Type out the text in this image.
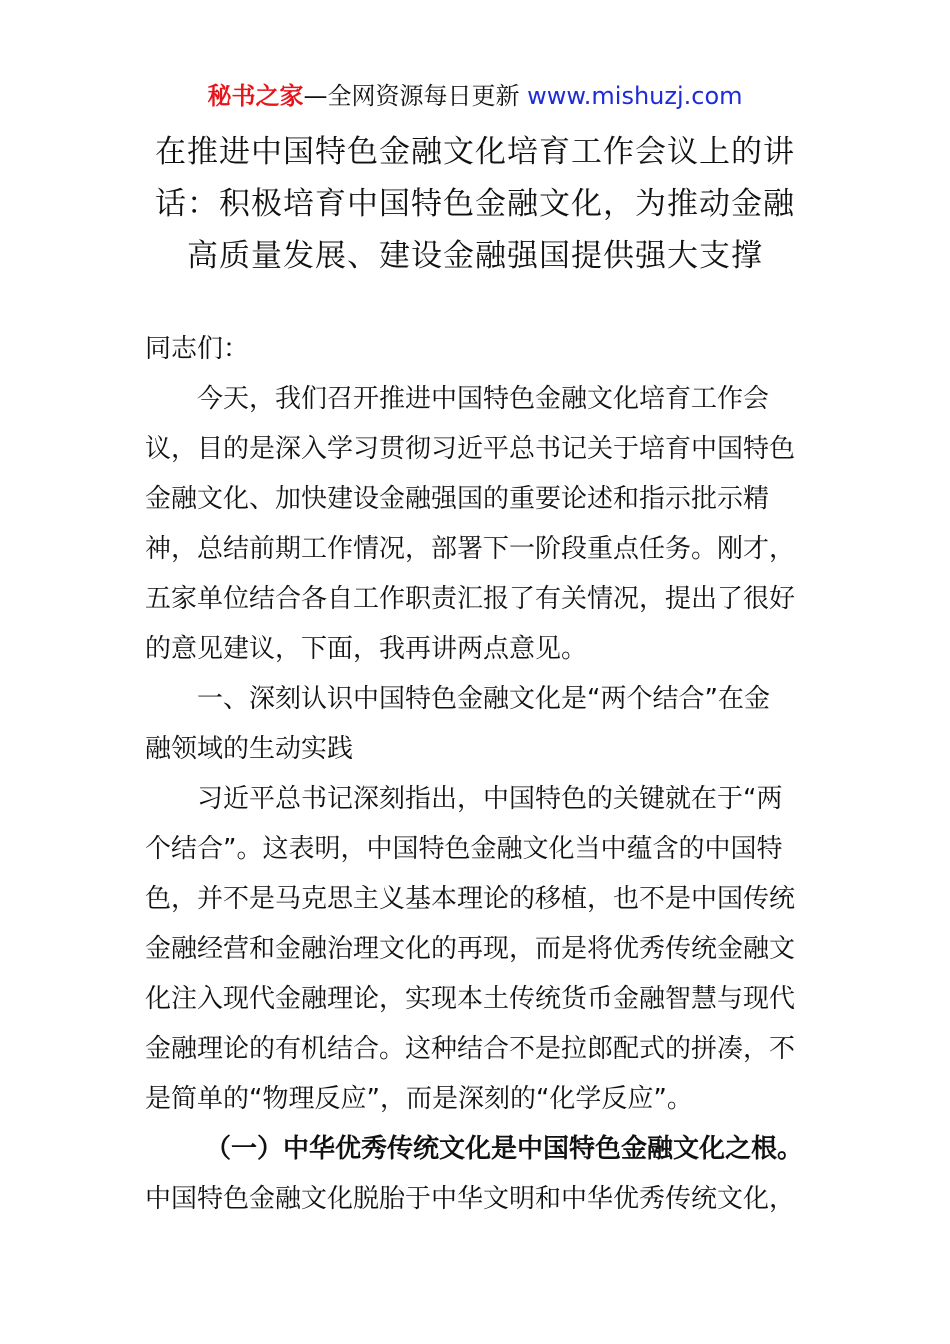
秘书之家—全网资源每日更新 www.mishuzj.com
在推进中国特色金融文化培育工作会议上的讲
话：积极培育中国特色金融文化，为推动金融
高质量发展、建设金融强国提供强大支撑
同志们：
今天，我们召开推进中国特色金融文化培育工作会
议，目的是深入学习贯彻习近平总书记关于培育中国特色
金融文化、加快建设金融强国的重要论述和指示批示精
神，总结前期工作情况，部署下一阶段重点任务。刚才，
五家单位结合各自工作职责汇报了有关情况，提出了很好
的意见建议，下面，我再讲两点意见。
一、深刻认识中国特色金融文化是“两个结合”在金
融领域的生动实践
习近平总书记深刻指出，中国特色的关键就在于“两
个结合”。这表明，中国特色金融文化当中蕴含的中国特
色，并不是马克思主义基本理论的移植，也不是中国传统
金融经营和金融治理文化的再现，而是将优秀传统金融文
化注入现代金融理论，实现本土传统货币金融智慧与现代
金融理论的有机结合。这种结合不是拉郎配式的拼凑，不
是简单的“物理反应”，而是深刻的“化学反应”。
（一）中华优秀传统文化是中国特色金融文化之根。
中国特色金融文化脱胎于中华文明和中华优秀传统文化，
